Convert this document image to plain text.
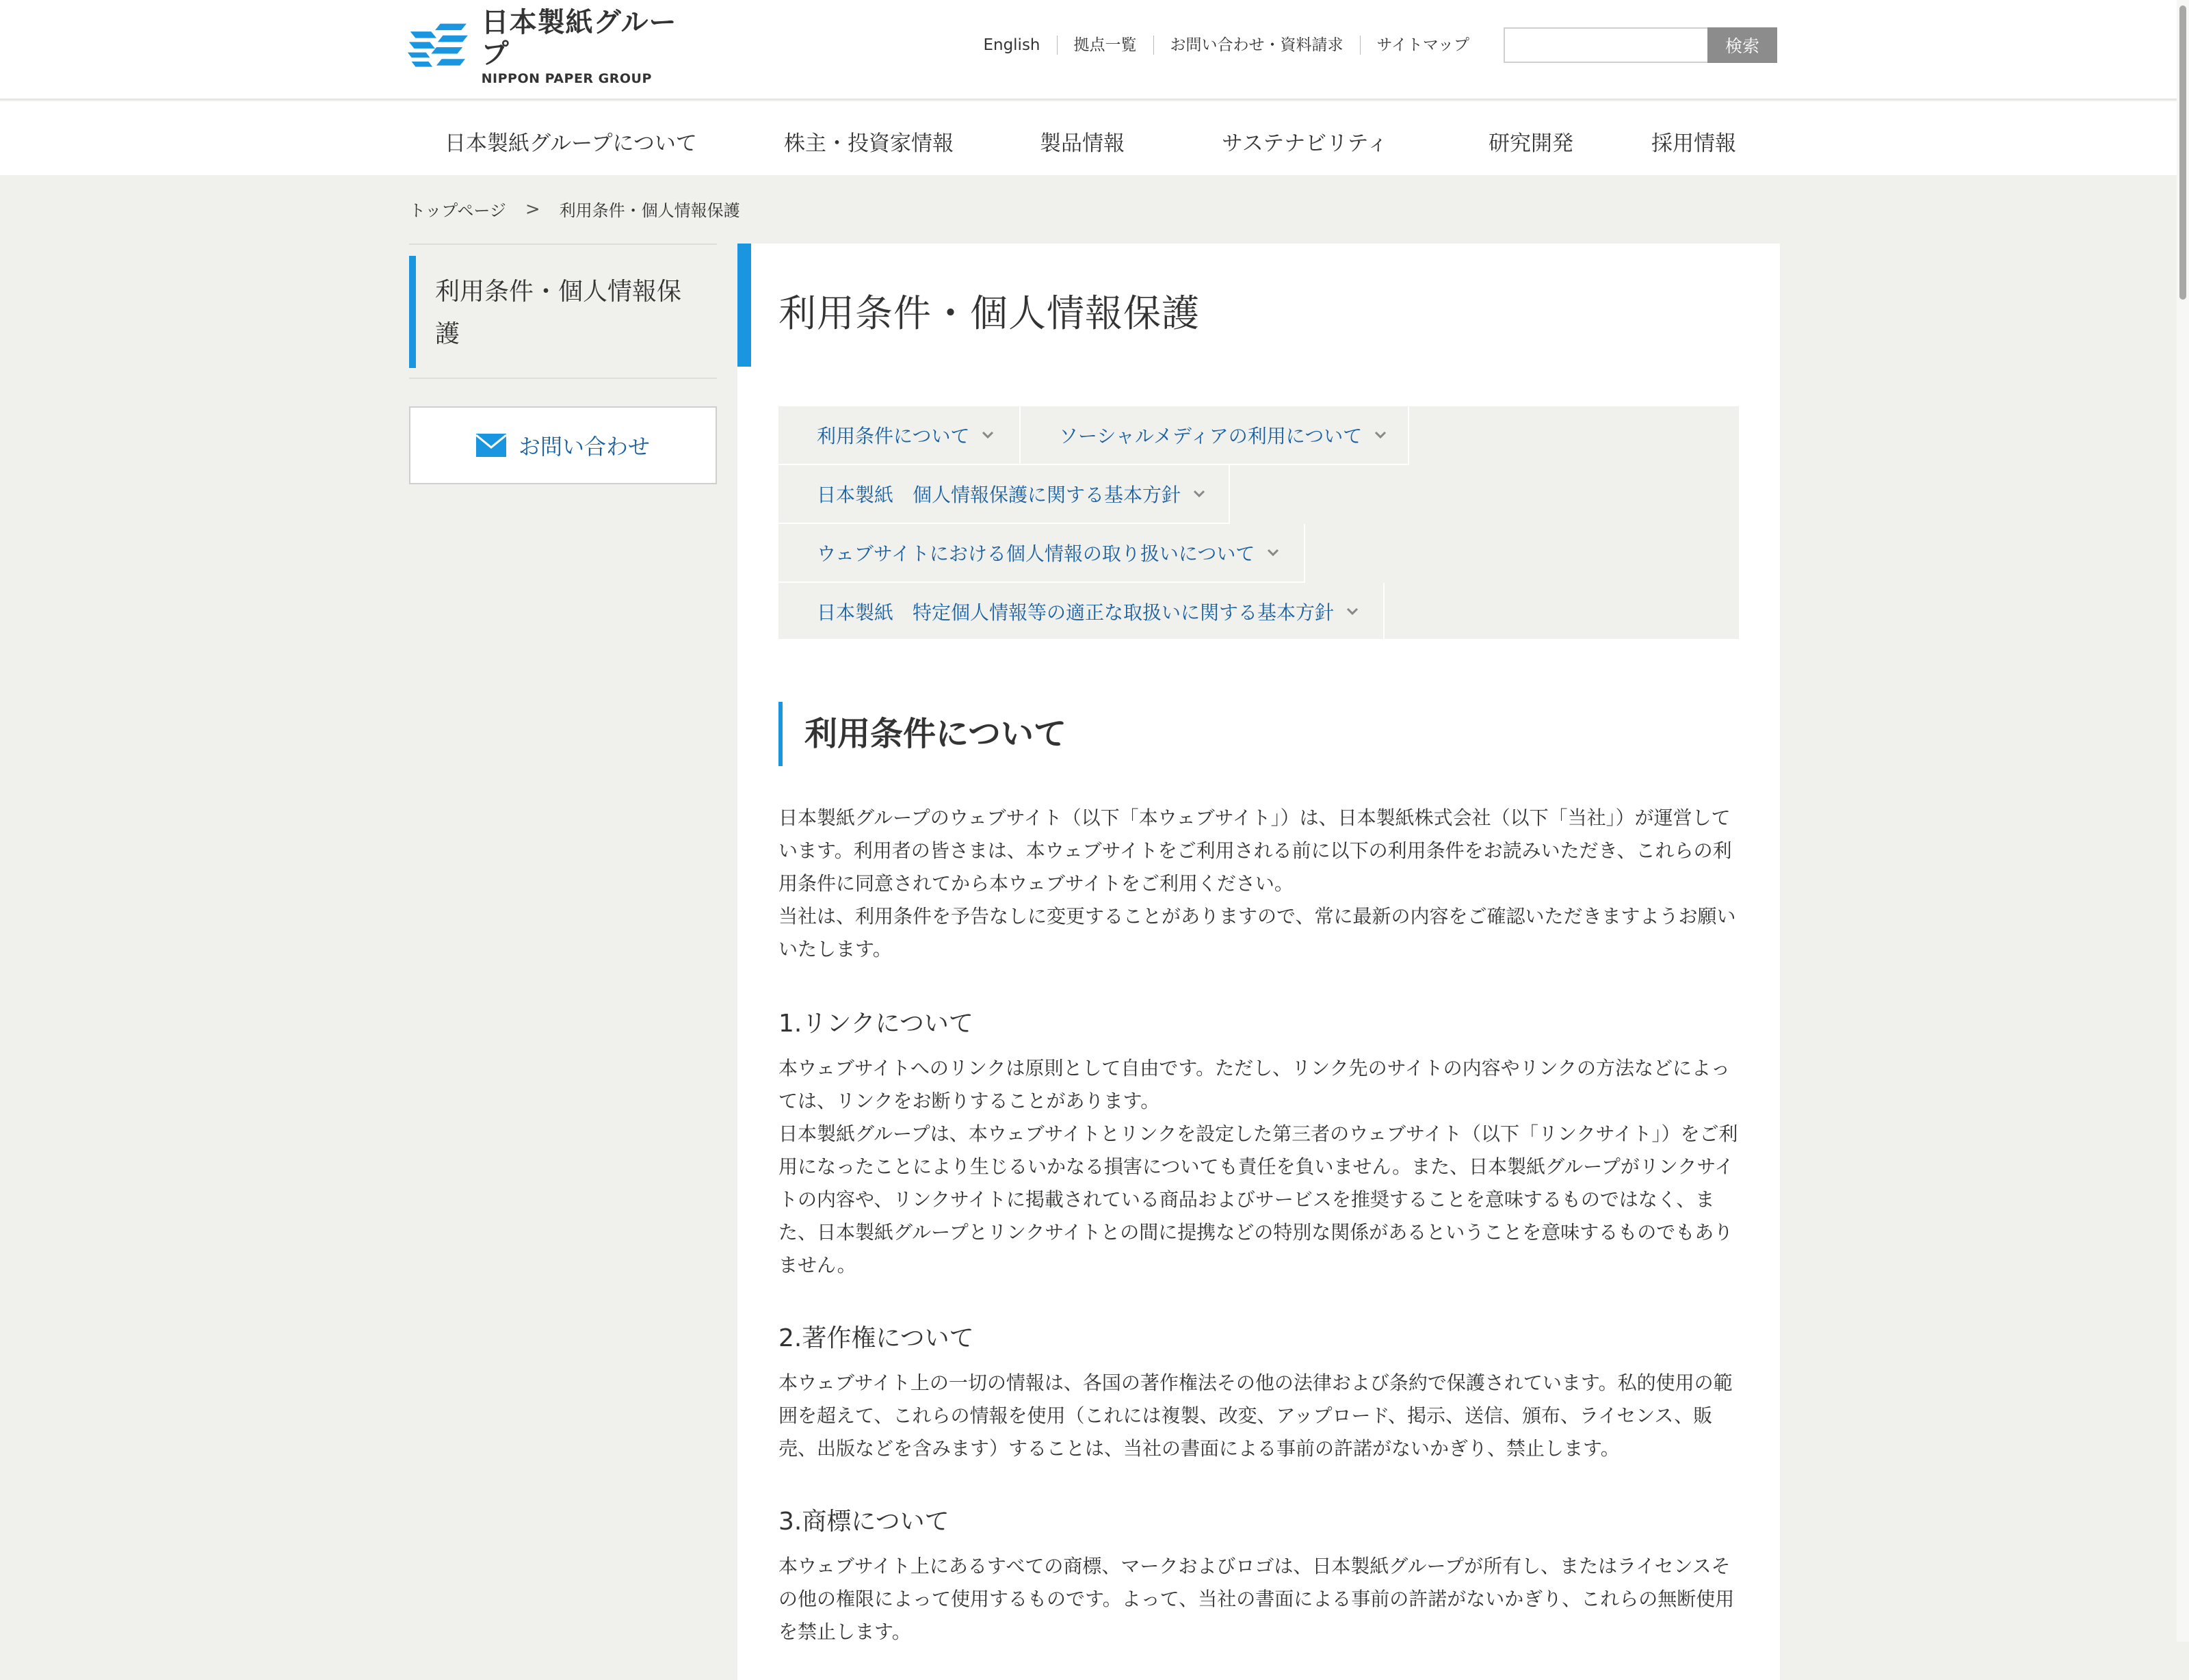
日本製紙グループ
NIPPON PAPER GROUP
English	拠点一覧	お問い合わせ・資料請求	サイトマップ	検索
日本製紙グループについて	株主・投資家情報	製品情報	サステナビリティ	研究開発	採用情報
トップページ > 利用条件・個人情報保護
利用条件・個人情報保護
お問い合わせ
利用条件・個人情報保護
利用条件について	ソーシャルメディアの利用について
日本製紙　個人情報保護に関する基本方針
ウェブサイトにおける個人情報の取り扱いについて
日本製紙　特定個人情報等の適正な取扱いに関する基本方針
利用条件について

日本製紙グループのウェブサイト（以下「本ウェブサイト」）は、日本製紙株式会社（以下「当社」）が運営しています。利用者の皆さまは、本ウェブサイトをご利用される前に以下の利用条件をお読みいただき、これらの利用条件に同意されてから本ウェブサイトをご利用ください。

当社は、利用条件を予告なしに変更することがありますので、常に最新の内容をご確認いただきますようお願いいたします。

1.リンクについて

本ウェブサイトへのリンクは原則として自由です。ただし、リンク先のサイトの内容やリンクの方法などによっては、リンクをお断りすることがあります。

日本製紙グループは、本ウェブサイトとリンクを設定した第三者のウェブサイト（以下「リンクサイト」）をご利用になったことにより生じるいかなる損害についても責任を負いません。また、日本製紙グループがリンクサイトの内容や、リンクサイトに掲載されている商品およびサービスを推奨することを意味するものではなく、また、日本製紙グループとリンクサイトとの間に提携などの特別な関係があるということを意味するものでもありません。

2.著作権について

本ウェブサイト上の一切の情報は、各国の著作権法その他の法律および条約で保護されています。私的使用の範囲を超えて、これらの情報を使用（これには複製、改変、アップロード、掲示、送信、頒布、ライセンス、販売、出版などを含みます）することは、当社の書面による事前の許諾がないかぎり、禁止します。

3.商標について

本ウェブサイト上にあるすべての商標、マークおよびロゴは、日本製紙グループが所有し、またはライセンスその他の権限によって使用するものです。よって、当社の書面による事前の許諾がないかぎり、これらの無断使用を禁止します。
